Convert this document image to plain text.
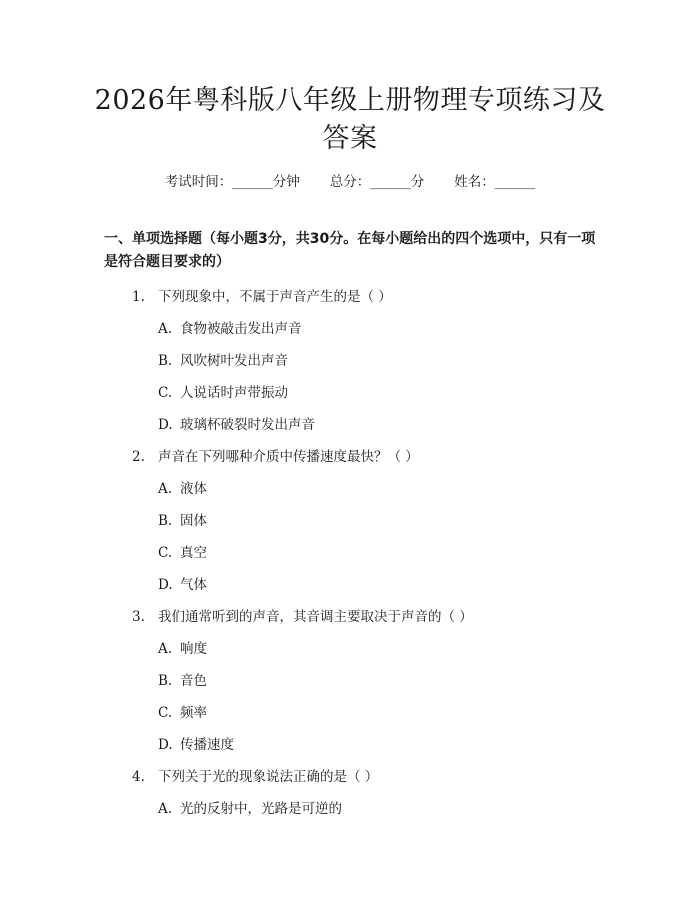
2026年粤科版八年级上册物理专项练习及答案
考试时间：______分钟 总分：______分 姓名：______
一、单项选择题（每小题3分，共30分。在每小题给出的四个选项中，只有一项是符合题目要求的）
1. 下列现象中，不属于声音产生的是（ ）
A. 食物被敲击发出声音
B. 风吹树叶发出声音
C. 人说话时声带振动
D. 玻璃杯破裂时发出声音
2. 声音在下列哪种介质中传播速度最快？（ ）
A. 液体
B. 固体
C. 真空
D. 气体
3. 我们通常听到的声音，其音调主要取决于声音的（ ）
A. 响度
B. 音色
C. 频率
D. 传播速度
4. 下列关于光的现象说法正确的是（ ）
A. 光的反射中，光路是可逆的
